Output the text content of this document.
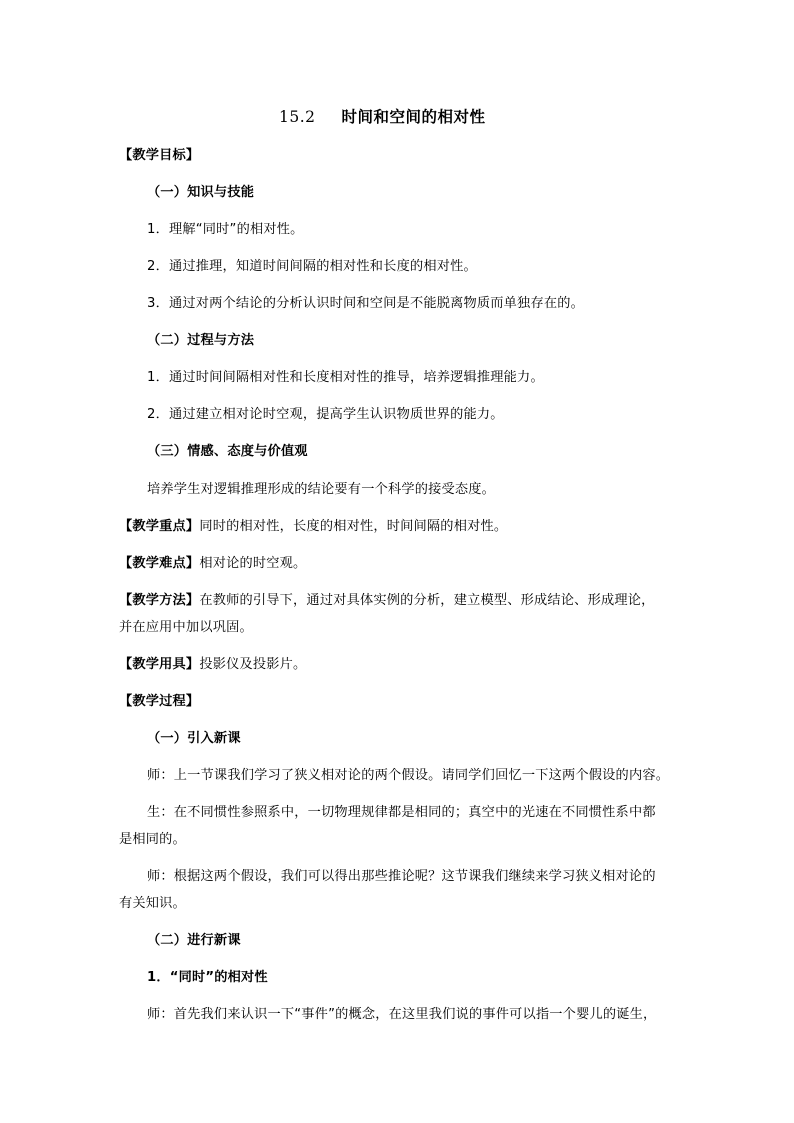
15.2 时间和空间的相对性

【教学目标】

（一）知识与技能

1．理解“同时”的相对性。

2．通过推理，知道时间间隔的相对性和长度的相对性。

3．通过对两个结论的分析认识时间和空间是不能脱离物质而单独存在的。

（二）过程与方法

1．通过时间间隔相对性和长度相对性的推导，培养逻辑推理能力。

2．通过建立相对论时空观，提高学生认识物质世界的能力。

（三）情感、态度与价值观

培养学生对逻辑推理形成的结论要有一个科学的接受态度。

【教学重点】同时的相对性，长度的相对性，时间间隔的相对性。

【教学难点】相对论的时空观。

【教学方法】在教师的引导下，通过对具体实例的分析，建立模型、形成结论、形成理论，

并在应用中加以巩固。

【教学用具】投影仪及投影片。

【教学过程】

（一）引入新课

师：上一节课我们学习了狭义相对论的两个假设。请同学们回忆一下这两个假设的内容。

生：在不同惯性参照系中，一切物理规律都是相同的；真空中的光速在不同惯性系中都

是相同的。

师：根据这两个假设，我们可以得出那些推论呢？这节课我们继续来学习狭义相对论的

有关知识。

（二）进行新课

1．“同时”的相对性

师：首先我们来认识一下“事件”的概念，在这里我们说的事件可以指一个婴儿的诞生，
